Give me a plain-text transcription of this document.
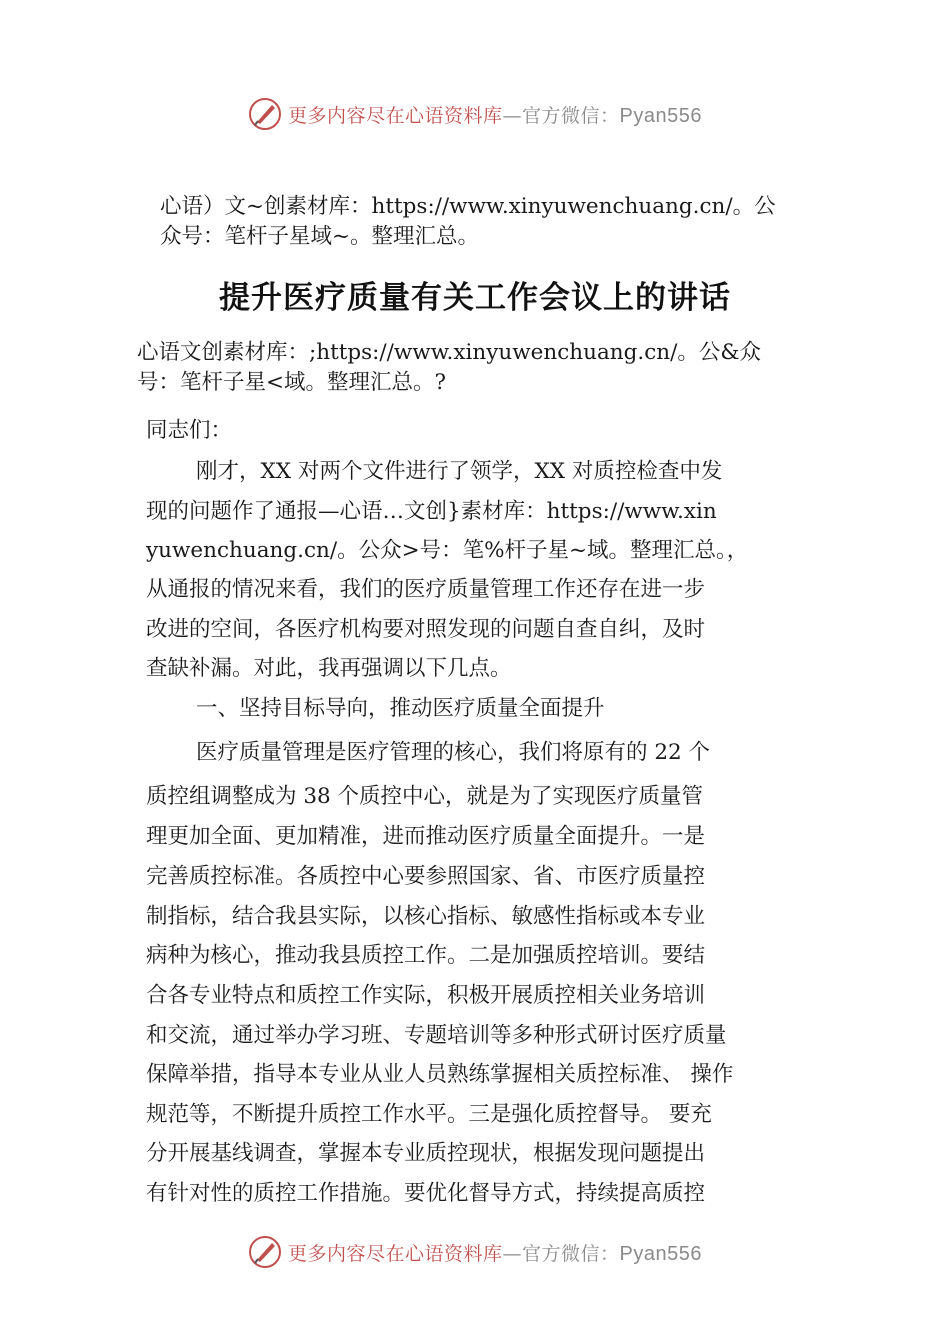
更多内容尽在心语资料库—官方微信：Pyan556
心语）文~创素材库：https://www.xinyuwenchuang.cn/。公
众号：笔杆子星域~。整理汇总。
提升医疗质量有关工作会议上的讲话
心语文创素材库：;https://www.xinyuwenchuang.cn/。公&众
号：笔杆子星<域。整理汇总。?
同志们：
刚才，XX 对两个文件进行了领学，XX 对质控检查中发
现的问题作了通报—心语…文创}素材库：https://www.xin
yuwenchuang.cn/。公众>号：笔%杆子星~域。整理汇总。，
从通报的情况来看，我们的医疗质量管理工作还存在进一步
改进的空间，各医疗机构要对照发现的问题自查自纠，及时
查缺补漏。对此，我再强调以下几点。
一、坚持目标导向，推动医疗质量全面提升
医疗质量管理是医疗管理的核心，我们将原有的 22 个
质控组调整成为 38 个质控中心，就是为了实现医疗质量管
理更加全面、更加精准，进而推动医疗质量全面提升。一是
完善质控标准。各质控中心要参照国家、省、市医疗质量控
制指标，结合我县实际，以核心指标、敏感性指标或本专业
病种为核心，推动我县质控工作。二是加强质控培训。要结
合各专业特点和质控工作实际，积极开展质控相关业务培训
和交流，通过举办学习班、专题培训等多种形式研讨医疗质量
保障举措，指导本专业从业人员熟练掌握相关质控标准、 操作
规范等，不断提升质控工作水平。三是强化质控督导。 要充
分开展基线调查，掌握本专业质控现状，根据发现问题提出
有针对性的质控工作措施。要优化督导方式，持续提高质控
更多内容尽在心语资料库—官方微信：Pyan556
